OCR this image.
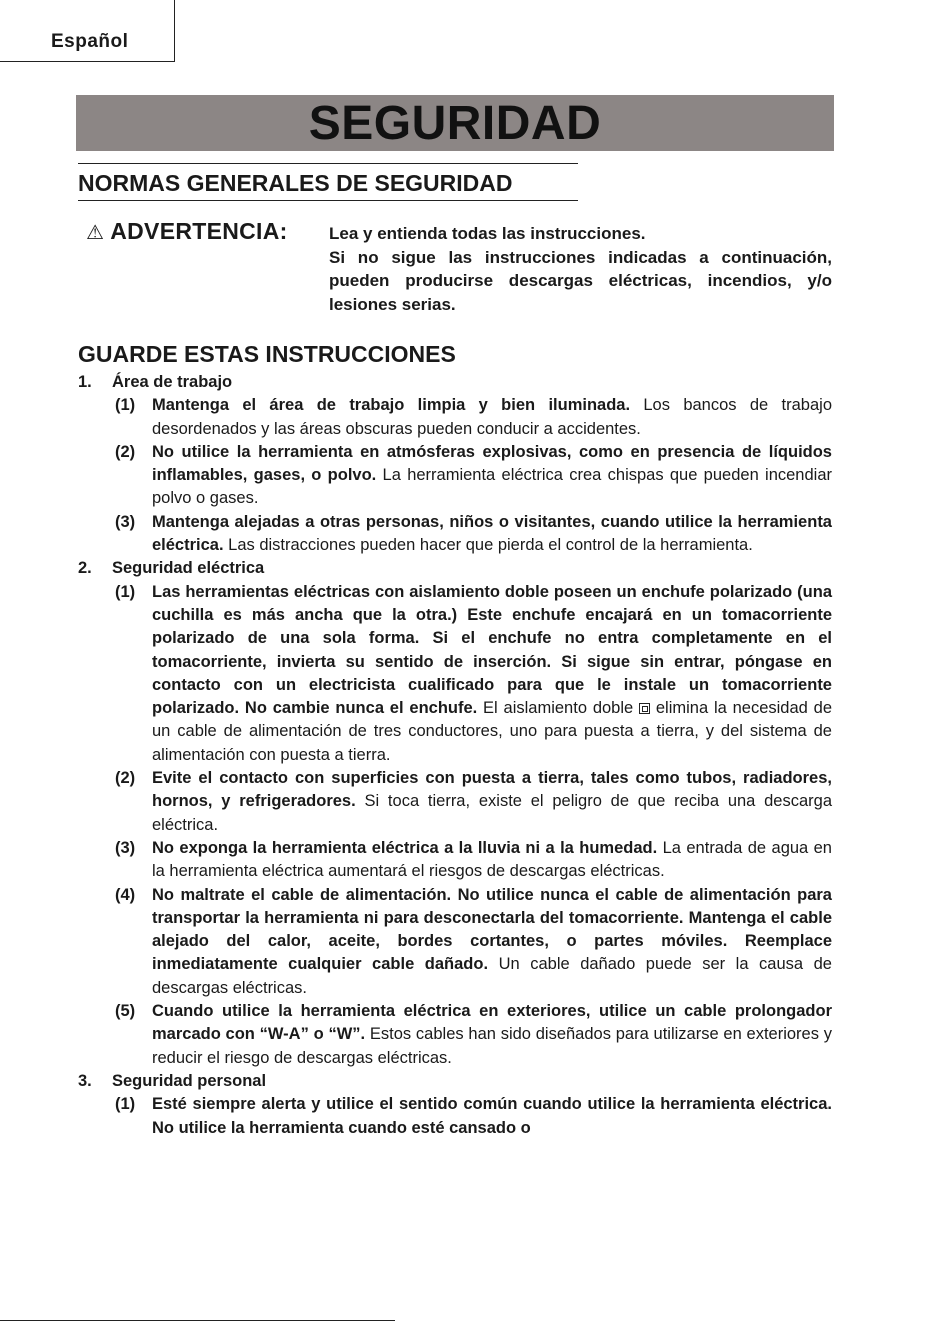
Español
SEGURIDAD
NORMAS GENERALES DE SEGURIDAD
⚠ ADVERTENCIA: Lea y entienda todas las instrucciones.

Si no sigue las instrucciones indicadas a continuación, pueden producirse descargas eléctricas, incendios, y/o lesiones serias.

GUARDE ESTAS INSTRUCCIONES
1. Área de trabajo
(1) Mantenga el área de trabajo limpia y bien iluminada. Los bancos de trabajo desordenados y las áreas obscuras pueden conducir a accidentes.
(2) No utilice la herramienta en atmósferas explosivas, como en presencia de líquidos inflamables, gases, o polvo. La herramienta eléctrica crea chispas que pueden incendiar polvo o gases.
(3) Mantenga alejadas a otras personas, niños o visitantes, cuando utilice la herramienta eléctrica. Las distracciones pueden hacer que pierda el control de la herramienta.
2. Seguridad eléctrica
(1) Las herramientas eléctricas con aislamiento doble poseen un enchufe polarizado (una cuchilla es más ancha que la otra.) Este enchufe encajará en un tomacorriente polarizado de una sola forma. Si el enchufe no entra completamente en el tomacorriente, invierta su sentido de inserción. Si sigue sin entrar, póngase en contacto con un electricista cualificado para que le instale un tomacorriente polarizado. No cambie nunca el enchufe. El aislamiento doble  elimina la necesidad de un cable de alimentación de tres conductores, uno para puesta a tierra, y del sistema de alimentación con puesta a tierra.
(2) Evite el contacto con superficies con puesta a tierra, tales como tubos, radiadores, hornos, y refrigeradores. Si toca tierra, existe el peligro de que reciba una descarga eléctrica.
(3) No exponga la herramienta eléctrica a la lluvia ni a la humedad. La entrada de agua en la herramienta eléctrica aumentará el riesgos de descargas eléctricas.
(4) No maltrate el cable de alimentación. No utilice nunca el cable de alimentación para transportar la herramienta ni para desconectarla del tomacorriente. Mantenga el cable alejado del calor, aceite, bordes cortantes, o partes móviles. Reemplace inmediatamente cualquier cable dañado. Un cable dañado puede ser la causa de descargas eléctricas.
(5) Cuando utilice la herramienta eléctrica en exteriores, utilice un cable prolongador marcado con “W-A” o “W”. Estos cables han sido diseñados para utilizarse en exteriores y reducir el riesgo de descargas eléctricas.
3. Seguridad personal
(1) Esté siempre alerta y utilice el sentido común cuando utilice la herramienta eléctrica. No utilice la herramienta cuando esté cansado o
